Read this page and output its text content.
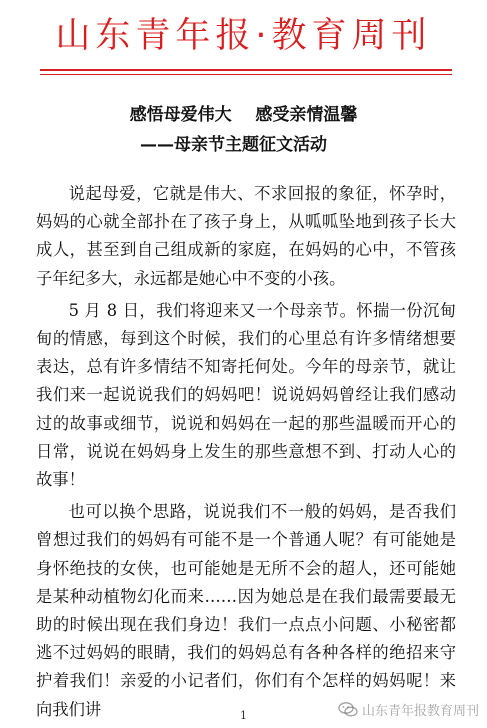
山东青年报·教育周刊
感悟母爱伟大    感受亲情温馨
——母亲节主题征文活动

说起母爱，它就是伟大、不求回报的象征，怀孕时，妈妈的心就全部扑在了孩子身上，从呱呱坠地到孩子长大成人，甚至到自己组成新的家庭，在妈妈的心中，不管孩子年纪多大，永远都是她心中不变的小孩。

5 月 8 日，我们将迎来又一个母亲节。怀揣一份沉甸甸的情感，每到这个时候，我们的心里总有许多情绪想要表达，总有许多情结不知寄托何处。今年的母亲节，就让我们来一起说说我们的妈妈吧！说说妈妈曾经让我们感动过的故事或细节，说说和妈妈在一起的那些温暖而开心的日常，说说在妈妈身上发生的那些意想不到、打动人心的故事！

也可以换个思路，说说我们不一般的妈妈，是否我们曾想过我们的妈妈有可能不是一个普通人呢？有可能她是身怀绝技的女侠，也可能她是无所不会的超人，还可能她是某种动植物幻化而来……因为她总是在我们最需要最无助的时候出现在我们身边！我们一点点小问题、小秘密都逃不过妈妈的眼睛，我们的妈妈总有各种各样的绝招来守护着我们！亲爱的小记者们，你们有个怎样的妈妈呢！来向我们讲	1	山东青年报教育周刊
